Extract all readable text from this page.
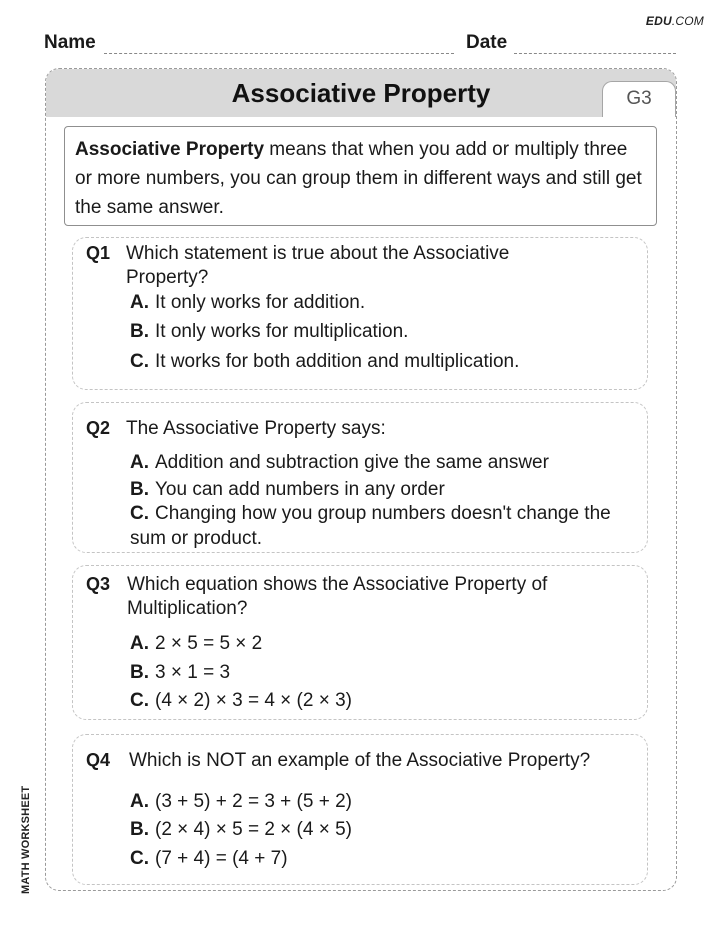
EDU.COM
Name	Date
Associative Property	G3
Associative Property means that when you add or multiply three or more numbers, you can group them in different ways and still get the same answer.
Q1 Which statement is true about the Associative Property?
A. It only works for addition.
B. It only works for multiplication.
C. It works for both addition and multiplication.
Q2 The Associative Property says:
A. Addition and subtraction give the same answer
B. You can add numbers in any order
C. Changing how you group numbers doesn't change the sum or product.
Q3 Which equation shows the Associative Property of Multiplication?
A. 2 × 5 = 5 × 2
B. 3 × 1 = 3
C. (4 × 2) × 3 = 4 × (2 × 3)
Q4 Which is NOT an example of the Associative Property?
A. (3 + 5) + 2 = 3 + (5 + 2)
B. (2 × 4) × 5 = 2 × (4 × 5)
C. (7 + 4) = (4 + 7)
MATH WORKSHEET
